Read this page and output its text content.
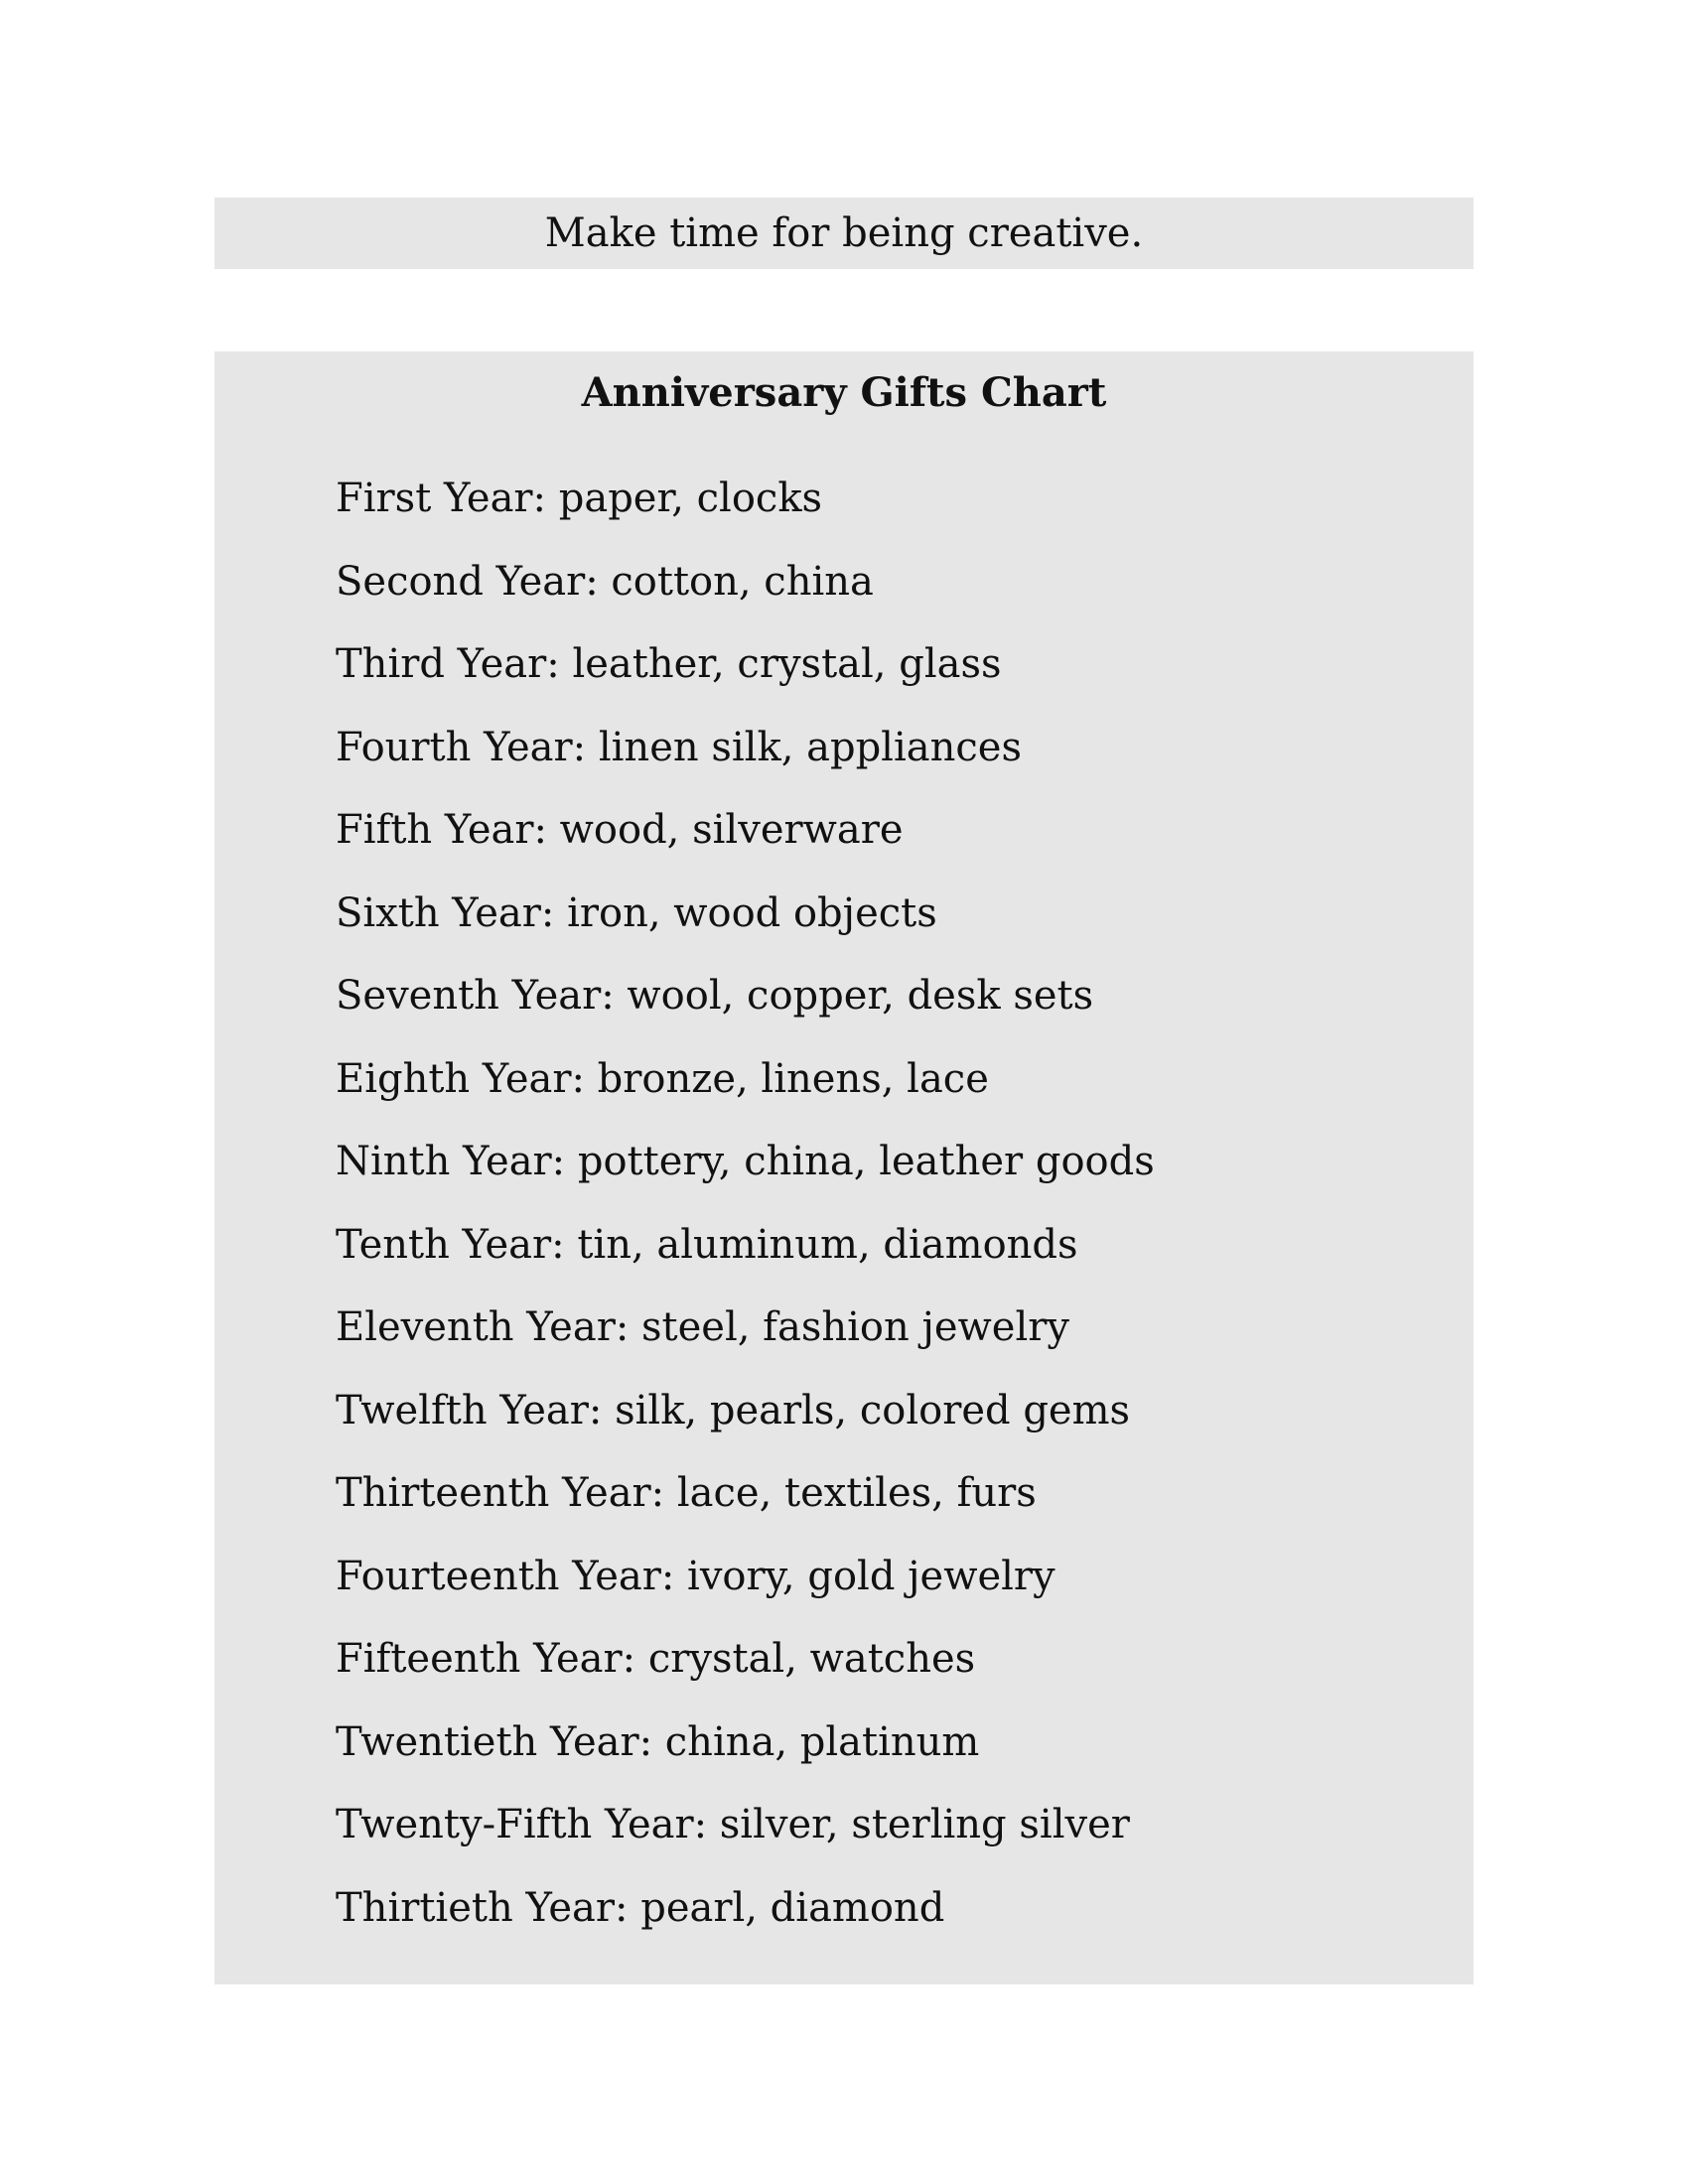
Make time for being creative.
Anniversary Gifts Chart
First Year: paper, clocks
Second Year: cotton, china
Third Year: leather, crystal, glass
Fourth Year: linen silk, appliances
Fifth Year: wood, silverware
Sixth Year: iron, wood objects
Seventh Year: wool, copper, desk sets
Eighth Year: bronze, linens, lace
Ninth Year: pottery, china, leather goods
Tenth Year: tin, aluminum, diamonds
Eleventh Year: steel, fashion jewelry
Twelfth Year: silk, pearls, colored gems
Thirteenth Year: lace, textiles, furs
Fourteenth Year: ivory, gold jewelry
Fifteenth Year: crystal, watches
Twentieth Year: china, platinum
Twenty-Fifth Year: silver, sterling silver
Thirtieth Year: pearl, diamond
